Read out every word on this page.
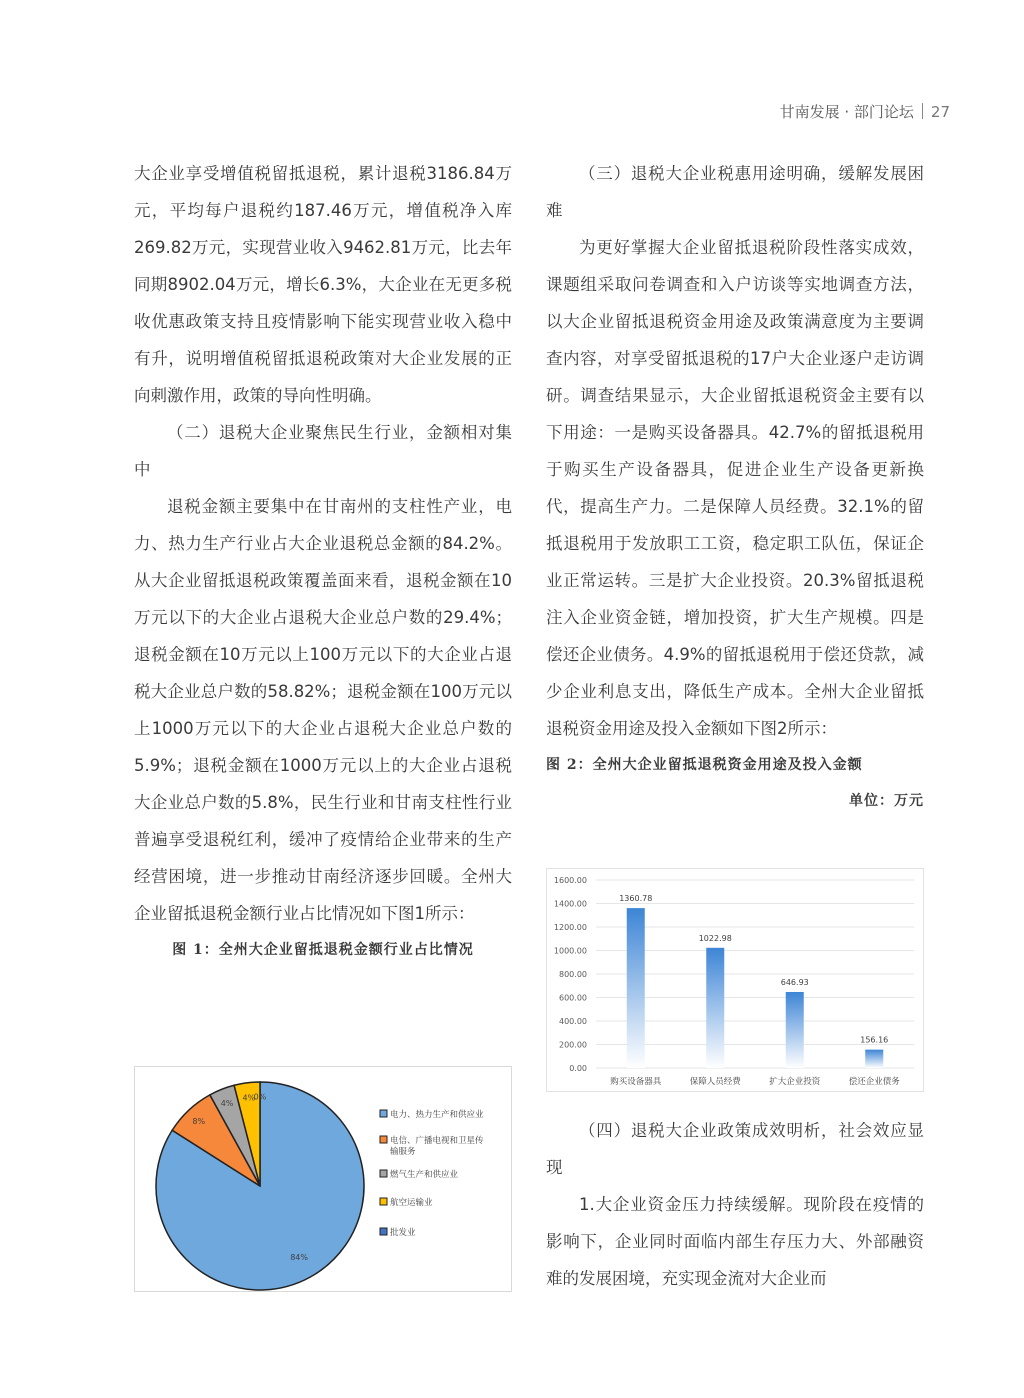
甘南发展 · 部门论坛 27

大企业享受增值税留抵退税，累计退税3186.84万元，平均每户退税约187.46万元，增值税净入库269.82万元，实现营业收入9462.81万元，比去年同期8902.04万元，增长6.3%，大企业在无更多税收优惠政策支持且疫情影响下能实现营业收入稳中有升，说明增值税留抵退税政策对大企业发展的正向刺激作用，政策的导向性明确。

（二）退税大企业聚焦民生行业，金额相对集中

退税金额主要集中在甘南州的支柱性产业，电力、热力生产行业占大企业退税总金额的84.2%。从大企业留抵退税政策覆盖面来看，退税金额在10万元以下的大企业占退税大企业总户数的29.4%；退税金额在10万元以上100万元以下的大企业占退税大企业总户数的58.82%；退税金额在100万元以上1000万元以下的大企业占退税大企业总户数的5.9%；退税金额在1000万元以上的大企业占退税大企业总户数的5.8%，民生行业和甘南支柱性行业普遍享受退税红利，缓冲了疫情给企业带来的生产经营困境，进一步推动甘南经济逐步回暖。全州大企业留抵退税金额行业占比情况如下图1所示：

图 1：全州大企业留抵退税金额行业占比情况
84%
8%
4%
4%
0%
电力、热力生产和供应业
电信、广播电视和卫星传输服务
燃气生产和供应业
航空运输业
批发业

（三）退税大企业税惠用途明确，缓解发展困难

为更好掌握大企业留抵退税阶段性落实成效，课题组采取问卷调查和入户访谈等实地调查方法，以大企业留抵退税资金用途及政策满意度为主要调查内容，对享受留抵退税的17户大企业逐户走访调研。调查结果显示，大企业留抵退税资金主要有以下用途：一是购买设备器具。42.7%的留抵退税用于购买生产设备器具，促进企业生产设备更新换代，提高生产力。二是保障人员经费。32.1%的留抵退税用于发放职工工资，稳定职工队伍，保证企业正常运转。三是扩大企业投资。20.3%留抵退税注入企业资金链，增加投资，扩大生产规模。四是偿还企业债务。4.9%的留抵退税用于偿还贷款，减少企业利息支出，降低生产成本。全州大企业留抵退税资金用途及投入金额如下图2所示：

图 2：全州大企业留抵退税资金用途及投入金额
单位：万元
0.00
200.00
400.00
600.00
800.00
1000.00
1200.00
1400.00
1600.00
1360.78
购买设备器具
1022.98
保障人员经费
646.93
扩大企业投资
156.16
偿还企业债务

（四）退税大企业政策成效明析，社会效应显现

1.大企业资金压力持续缓解。现阶段在疫情的影响下，企业同时面临内部生存压力大、外部融资难的发展困境，充实现金流对大企业而
